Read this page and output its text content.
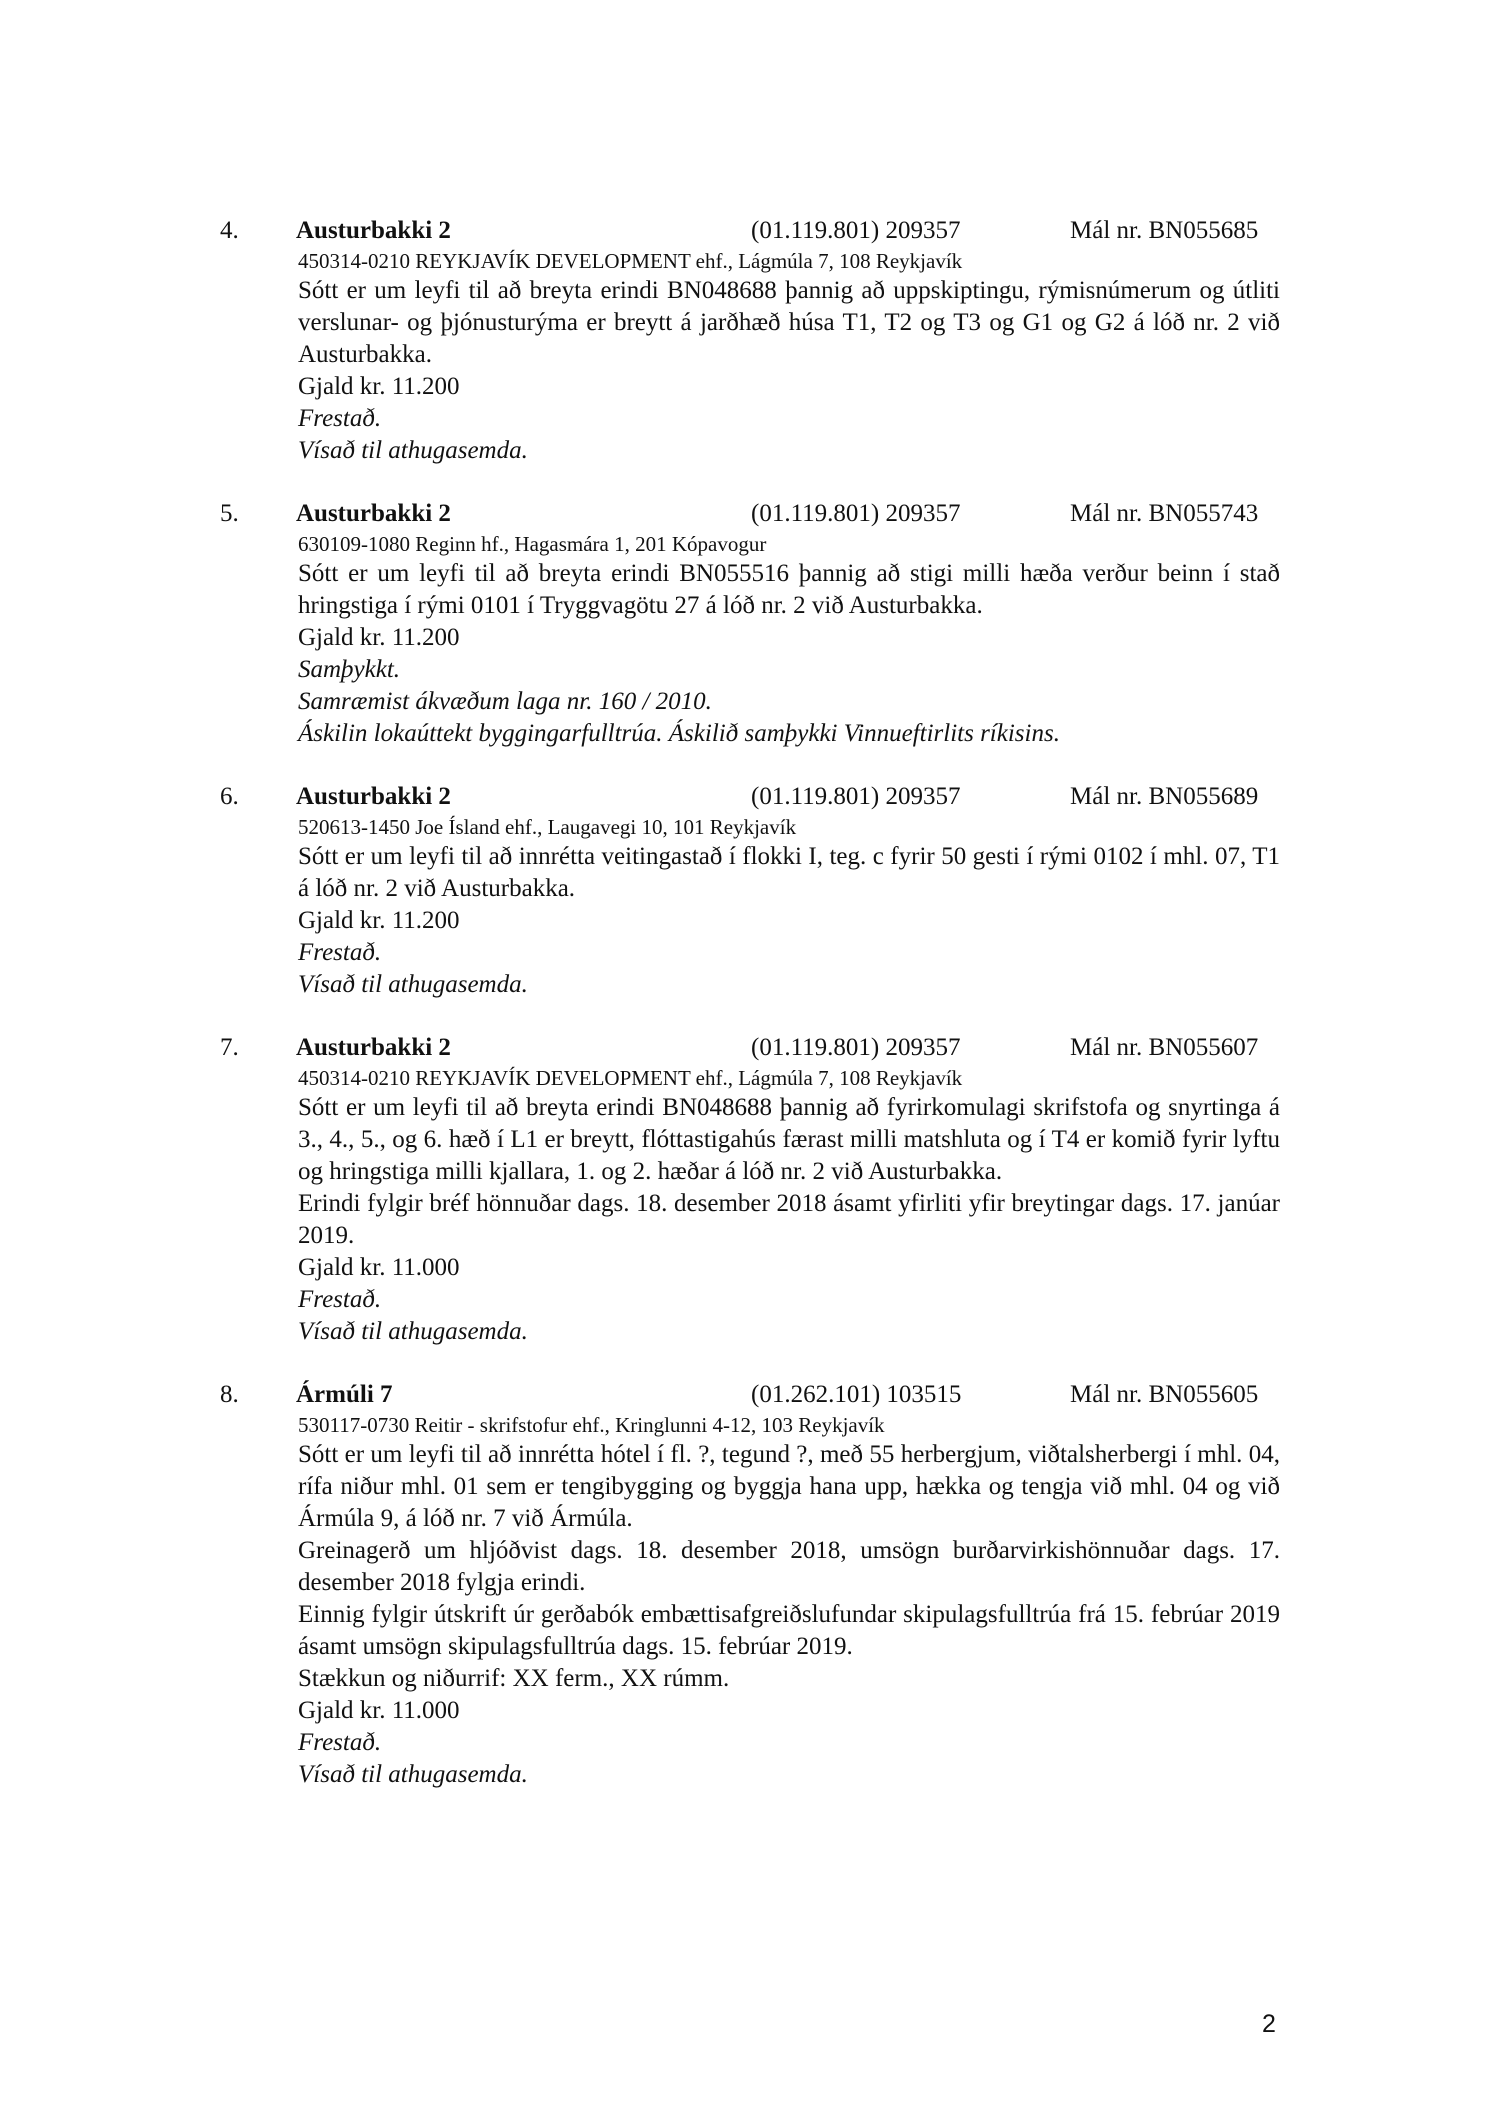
4. Austurbakki 2	(01.119.801) 209357	Mál nr. BN055685
450314-0210 REYKJAVÍK DEVELOPMENT ehf., Lágmúla 7, 108 Reykjavík
Sótt er um leyfi til að breyta erindi BN048688 þannig að uppskiptingu, rýmisnúmerum og útliti verslunar- og þjónusturýma er breytt á jarðhæð húsa T1, T2 og T3 og G1 og G2 á lóð nr. 2 við Austurbakka.
Gjald kr. 11.200
Frestað.
Vísað til athugasemda.
5. Austurbakki 2	(01.119.801) 209357	Mál nr. BN055743
630109-1080 Reginn hf., Hagasmára 1, 201 Kópavogur
Sótt er um leyfi til að breyta erindi BN055516 þannig að stigi milli hæða verður beinn í stað hringstiga í rými 0101 í Tryggvagötu 27 á lóð nr. 2 við Austurbakka.
Gjald kr. 11.200
Samþykkt.
Samræmist ákvæðum laga nr. 160 / 2010.
Áskilin lokaúttekt byggingarfulltrúa. Áskilið samþykki Vinnueftirlits ríkisins.
6. Austurbakki 2	(01.119.801) 209357	Mál nr. BN055689
520613-1450 Joe Ísland ehf., Laugavegi 10, 101 Reykjavík
Sótt er um leyfi til að innrétta veitingastað í flokki I, teg. c fyrir 50 gesti í rými 0102 í mhl. 07, T1 á lóð nr. 2 við Austurbakka.
Gjald kr. 11.200
Frestað.
Vísað til athugasemda.
7. Austurbakki 2	(01.119.801) 209357	Mál nr. BN055607
450314-0210 REYKJAVÍK DEVELOPMENT ehf., Lágmúla 7, 108 Reykjavík
Sótt er um leyfi til að breyta erindi BN048688 þannig að fyrirkomulagi skrifstofa og snyrtinga á 3., 4., 5., og 6. hæð í L1 er breytt, flóttastigahús færast milli matshluta og í T4 er komið fyrir lyftu og hringstiga milli kjallara, 1. og 2. hæðar á lóð nr. 2 við Austurbakka.
Erindi fylgir bréf hönnuðar dags. 18. desember 2018 ásamt yfirliti yfir breytingar dags. 17. janúar 2019.
Gjald kr. 11.000
Frestað.
Vísað til athugasemda.
8. Ármúli 7	(01.262.101) 103515	Mál nr. BN055605
530117-0730 Reitir - skrifstofur ehf., Kringlunni 4-12, 103 Reykjavík
Sótt er um leyfi til að innrétta hótel í fl. ?, tegund ?, með 55 herbergjum, viðtalsherbergi í mhl. 04, rífa niður mhl. 01 sem er tengibygging og byggja hana upp, hækka og tengja við mhl. 04 og við Ármúla 9, á lóð nr. 7 við Ármúla.
Greinagerð um hljóðvist dags. 18. desember 2018, umsögn burðarvirkishönnuðar dags. 17. desember 2018 fylgja erindi.
Einnig fylgir útskrift úr gerðabók embættisafgreiðslufundar skipulagsfulltrúa frá 15. febrúar 2019 ásamt umsögn skipulagsfulltrúa dags. 15. febrúar 2019.
Stækkun og niðurrif: XX ferm., XX rúmm.
Gjald kr. 11.000
Frestað.
Vísað til athugasemda.
2
